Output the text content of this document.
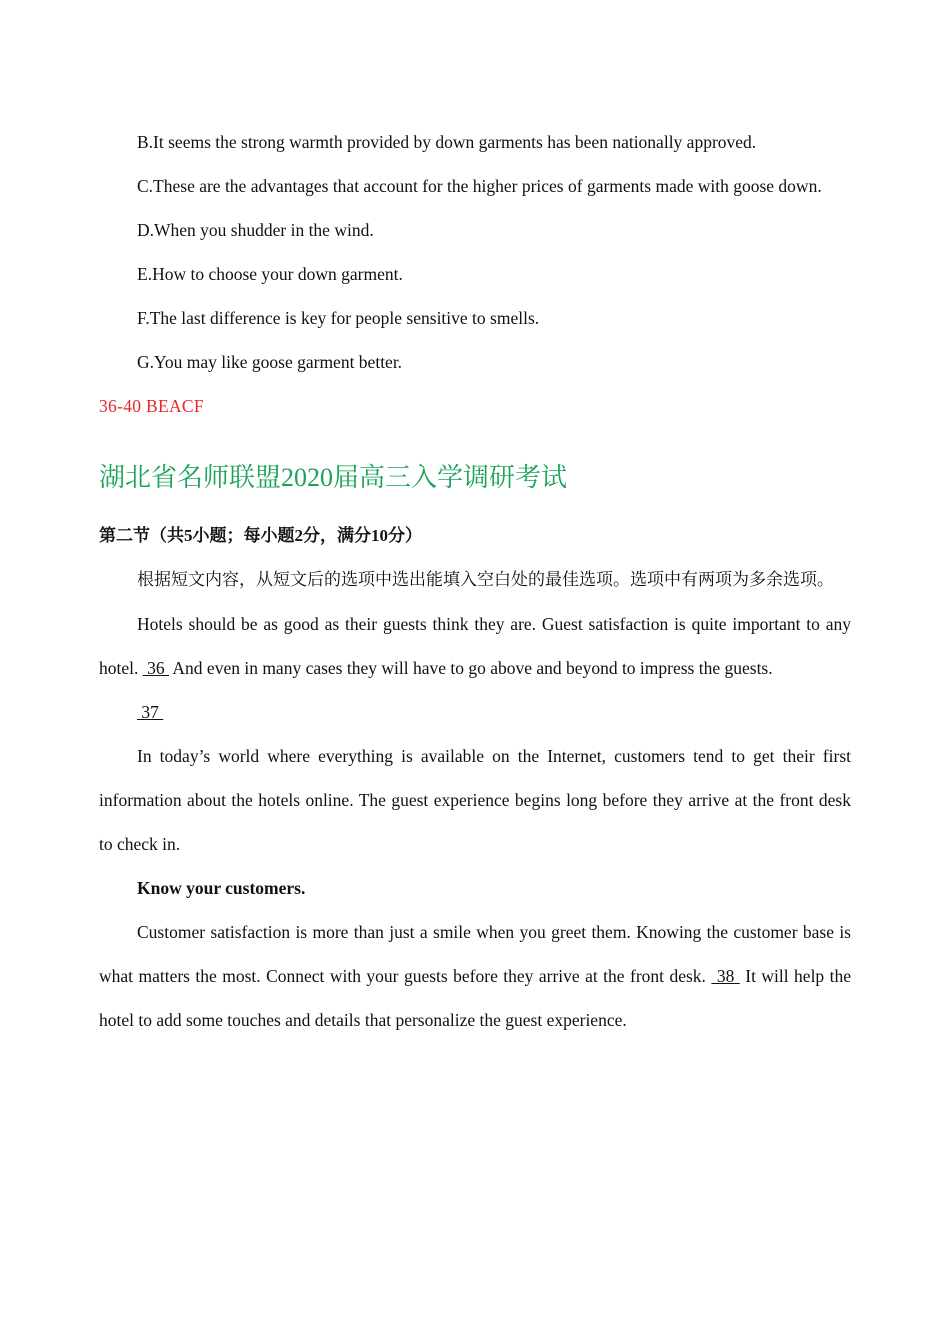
B.It seems the strong warmth provided by down garments has been nationally approved.

C.These are the advantages that account for the higher prices of garments made with goose down.

D.When you shudder in the wind.

E.How to choose your down garment.

F.The last difference is key for people sensitive to smells.

G.You may like goose garment better.

36-40 BEACF

湖北省名师联盟2020届高三入学调研考试

第二节（共5小题；每小题2分，满分10分）

根据短文内容，从短文后的选项中选出能填入空白处的最佳选项。选项中有两项为多余选项。

Hotels should be as good as their guests think they are. Guest satisfaction is quite important to any hotel.  36  And even in many cases they will have to go above and beyond to impress the guests.

37

In today’s world where everything is available on the Internet, customers tend to get their first information about the hotels online. The guest experience begins long before they arrive at the front desk to check in.

Know your customers.

Customer satisfaction is more than just a smile when you greet them. Knowing the customer base is what matters the most. Connect with your guests before they arrive at the front desk.  38  It will help the hotel to add some touches and details that personalize the guest experience.
